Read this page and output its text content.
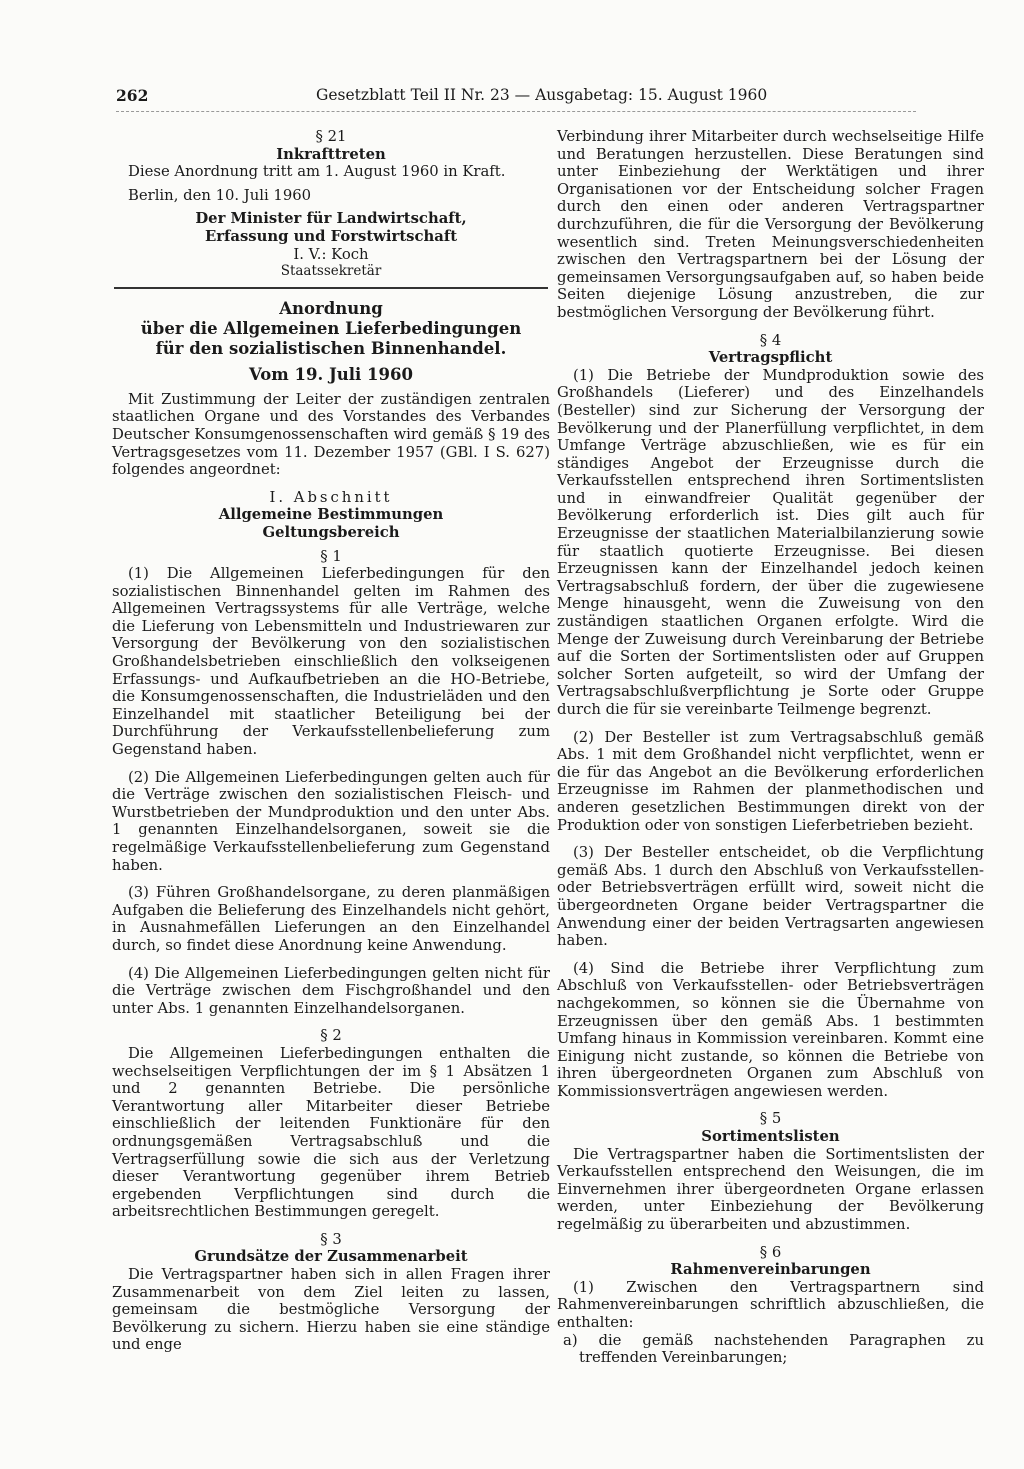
262	Gesetzblatt Teil II Nr. 23 — Ausgabetag: 15. August 1960
§ 21
Inkrafttreten

Diese Anordnung tritt am 1. August 1960 in Kraft.

Berlin, den 10. Juli 1960
Der Minister für Landwirtschaft,
Erfassung und Forstwirtschaft
I. V.: Koch
Staatssekretär
Anordnung
über die Allgemeinen Lieferbedingungen
für den sozialistischen Binnenhandel.
Vom 19. Juli 1960

Mit Zustimmung der Leiter der zuständigen zentralen staatlichen Organe und des Vorstandes des Verbandes Deutscher Konsumgenossenschaften wird gemäß § 19 des Vertragsgesetzes vom 11. Dezember 1957 (GBl. I S. 627) folgendes angeordnet:

I. Abschnitt
Allgemeine Bestimmungen
Geltungsbereich
§ 1

(1) Die Allgemeinen Lieferbedingungen für den sozialistischen Binnenhandel gelten im Rahmen des Allgemeinen Vertragssystems für alle Verträge, welche die Lieferung von Lebensmitteln und Industriewaren zur Versorgung der Bevölkerung von den sozialistischen Großhandelsbetrieben einschließlich den volkseigenen Erfassungs- und Aufkaufbetrieben an die HO-Betriebe, die Konsumgenossenschaften, die Industrieläden und den Einzelhandel mit staatlicher Beteiligung bei der Durchführung der Verkaufsstellenbelieferung zum Gegenstand haben.

(2) Die Allgemeinen Lieferbedingungen gelten auch für die Verträge zwischen den sozialistischen Fleisch- und Wurstbetrieben der Mundproduktion und den unter Abs. 1 genannten Einzelhandelsorganen, soweit sie die regelmäßige Verkaufsstellenbelieferung zum Gegenstand haben.

(3) Führen Großhandelsorgane, zu deren planmäßigen Aufgaben die Belieferung des Einzelhandels nicht gehört, in Ausnahmefällen Lieferungen an den Einzelhandel durch, so findet diese Anordnung keine Anwendung.

(4) Die Allgemeinen Lieferbedingungen gelten nicht für die Verträge zwischen dem Fischgroßhandel und den unter Abs. 1 genannten Einzelhandelsorganen.

§ 2

Die Allgemeinen Lieferbedingungen enthalten die wechselseitigen Verpflichtungen der im § 1 Absätzen 1 und 2 genannten Betriebe. Die persönliche Verantwortung aller Mitarbeiter dieser Betriebe einschließlich der leitenden Funktionäre für den ordnungsgemäßen Vertragsabschluß und die Vertragserfüllung sowie die sich aus der Verletzung dieser Verantwortung gegenüber ihrem Betrieb ergebenden Verpflichtungen sind durch die arbeitsrechtlichen Bestimmungen geregelt.

§ 3
Grundsätze der Zusammenarbeit

Die Vertragspartner haben sich in allen Fragen ihrer Zusammenarbeit von dem Ziel leiten zu lassen, gemeinsam die bestmögliche Versorgung der Bevölkerung zu sichern. Hierzu haben sie eine ständige und enge

Verbindung ihrer Mitarbeiter durch wechselseitige Hilfe und Beratungen herzustellen. Diese Beratungen sind unter Einbeziehung der Werktätigen und ihrer Organisationen vor der Entscheidung solcher Fragen durch den einen oder anderen Vertragspartner durchzuführen, die für die Versorgung der Bevölkerung wesentlich sind. Treten Meinungsverschiedenheiten zwischen den Vertragspartnern bei der Lösung der gemeinsamen Versorgungsaufgaben auf, so haben beide Seiten diejenige Lösung anzustreben, die zur bestmöglichen Versorgung der Bevölkerung führt.

§ 4
Vertragspflicht

(1) Die Betriebe der Mundproduktion sowie des Großhandels (Lieferer) und des Einzelhandels (Besteller) sind zur Sicherung der Versorgung der Bevölkerung und der Planerfüllung verpflichtet, in dem Umfange Verträge abzuschließen, wie es für ein ständiges Angebot der Erzeugnisse durch die Verkaufsstellen entsprechend ihren Sortimentslisten und in einwandfreier Qualität gegenüber der Bevölkerung erforderlich ist. Dies gilt auch für Erzeugnisse der staatlichen Materialbilanzierung sowie für staatlich quotierte Erzeugnisse. Bei diesen Erzeugnissen kann der Einzelhandel jedoch keinen Vertragsabschluß fordern, der über die zugewiesene Menge hinausgeht, wenn die Zuweisung von den zuständigen staatlichen Organen erfolgte. Wird die Menge der Zuweisung durch Vereinbarung der Betriebe auf die Sorten der Sortimentslisten oder auf Gruppen solcher Sorten aufgeteilt, so wird der Umfang der Vertragsabschlußverpflichtung je Sorte oder Gruppe durch die für sie vereinbarte Teilmenge begrenzt.

(2) Der Besteller ist zum Vertragsabschluß gemäß Abs. 1 mit dem Großhandel nicht verpflichtet, wenn er die für das Angebot an die Bevölkerung erforderlichen Erzeugnisse im Rahmen der planmethodischen und anderen gesetzlichen Bestimmungen direkt von der Produktion oder von sonstigen Lieferbetrieben bezieht.

(3) Der Besteller entscheidet, ob die Verpflichtung gemäß Abs. 1 durch den Abschluß von Verkaufsstellen- oder Betriebsverträgen erfüllt wird, soweit nicht die übergeordneten Organe beider Vertragspartner die Anwendung einer der beiden Vertragsarten angewiesen haben.

(4) Sind die Betriebe ihrer Verpflichtung zum Abschluß von Verkaufsstellen- oder Betriebsverträgen nachgekommen, so können sie die Übernahme von Erzeugnissen über den gemäß Abs. 1 bestimmten Umfang hinaus in Kommission vereinbaren. Kommt eine Einigung nicht zustande, so können die Betriebe von ihren übergeordneten Organen zum Abschluß von Kommissionsverträgen angewiesen werden.

§ 5
Sortimentslisten

Die Vertragspartner haben die Sortimentslisten der Verkaufsstellen entsprechend den Weisungen, die im Einvernehmen ihrer übergeordneten Organe erlassen werden, unter Einbeziehung der Bevölkerung regelmäßig zu überarbeiten und abzustimmen.

§ 6
Rahmenvereinbarungen

(1) Zwischen den Vertragspartnern sind Rahmenvereinbarungen schriftlich abzuschließen, die enthalten:

a) die gemäß nachstehenden Paragraphen zu treffenden Vereinbarungen;
